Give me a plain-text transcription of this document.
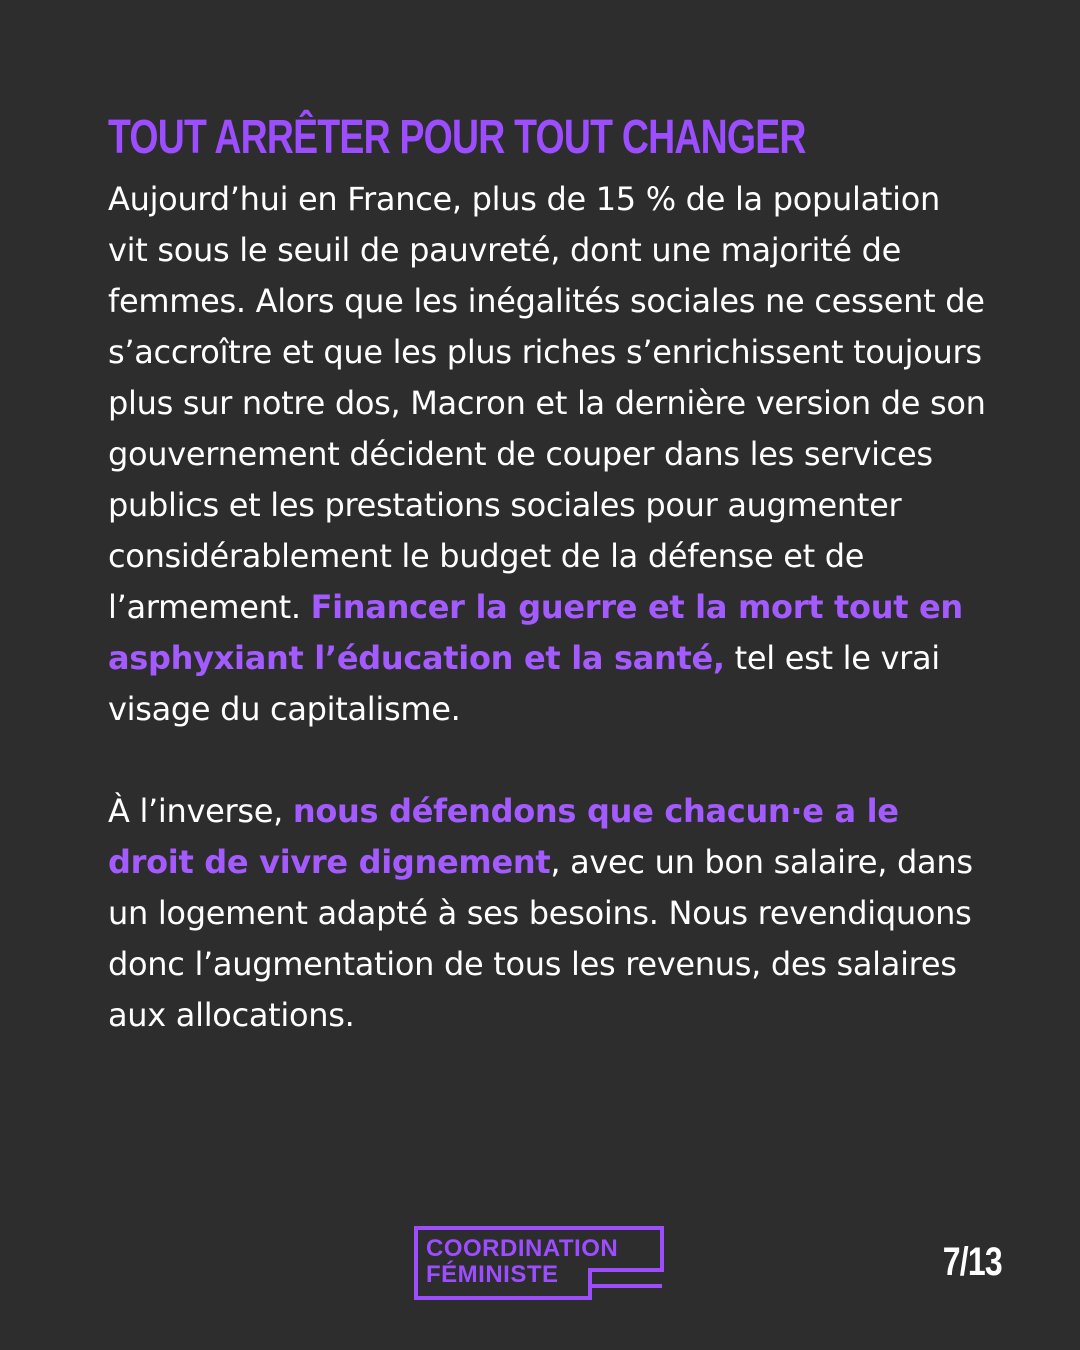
TOUT ARRÊTER POUR TOUT CHANGER

Aujourd’hui en France, plus de 15 % de la population vit sous le seuil de pauvreté, dont une majorité de femmes. Alors que les inégalités sociales ne cessent de s’accroître et que les plus riches s’enrichissent toujours plus sur notre dos, Macron et la dernière version de son gouvernement décident de couper dans les services publics et les prestations sociales pour augmenter considérablement le budget de la défense et de l’armement. Financer la guerre et la mort tout en asphyxiant l’éducation et la santé, tel est le vrai visage du capitalisme.

À l’inverse, nous défendons que chacun·e a le droit de vivre dignement, avec un bon salaire, dans un logement adapté à ses besoins. Nous revendiquons donc l’augmentation de tous les revenus, des salaires aux allocations.

COORDINATION
FÉMINISTE	7/13
